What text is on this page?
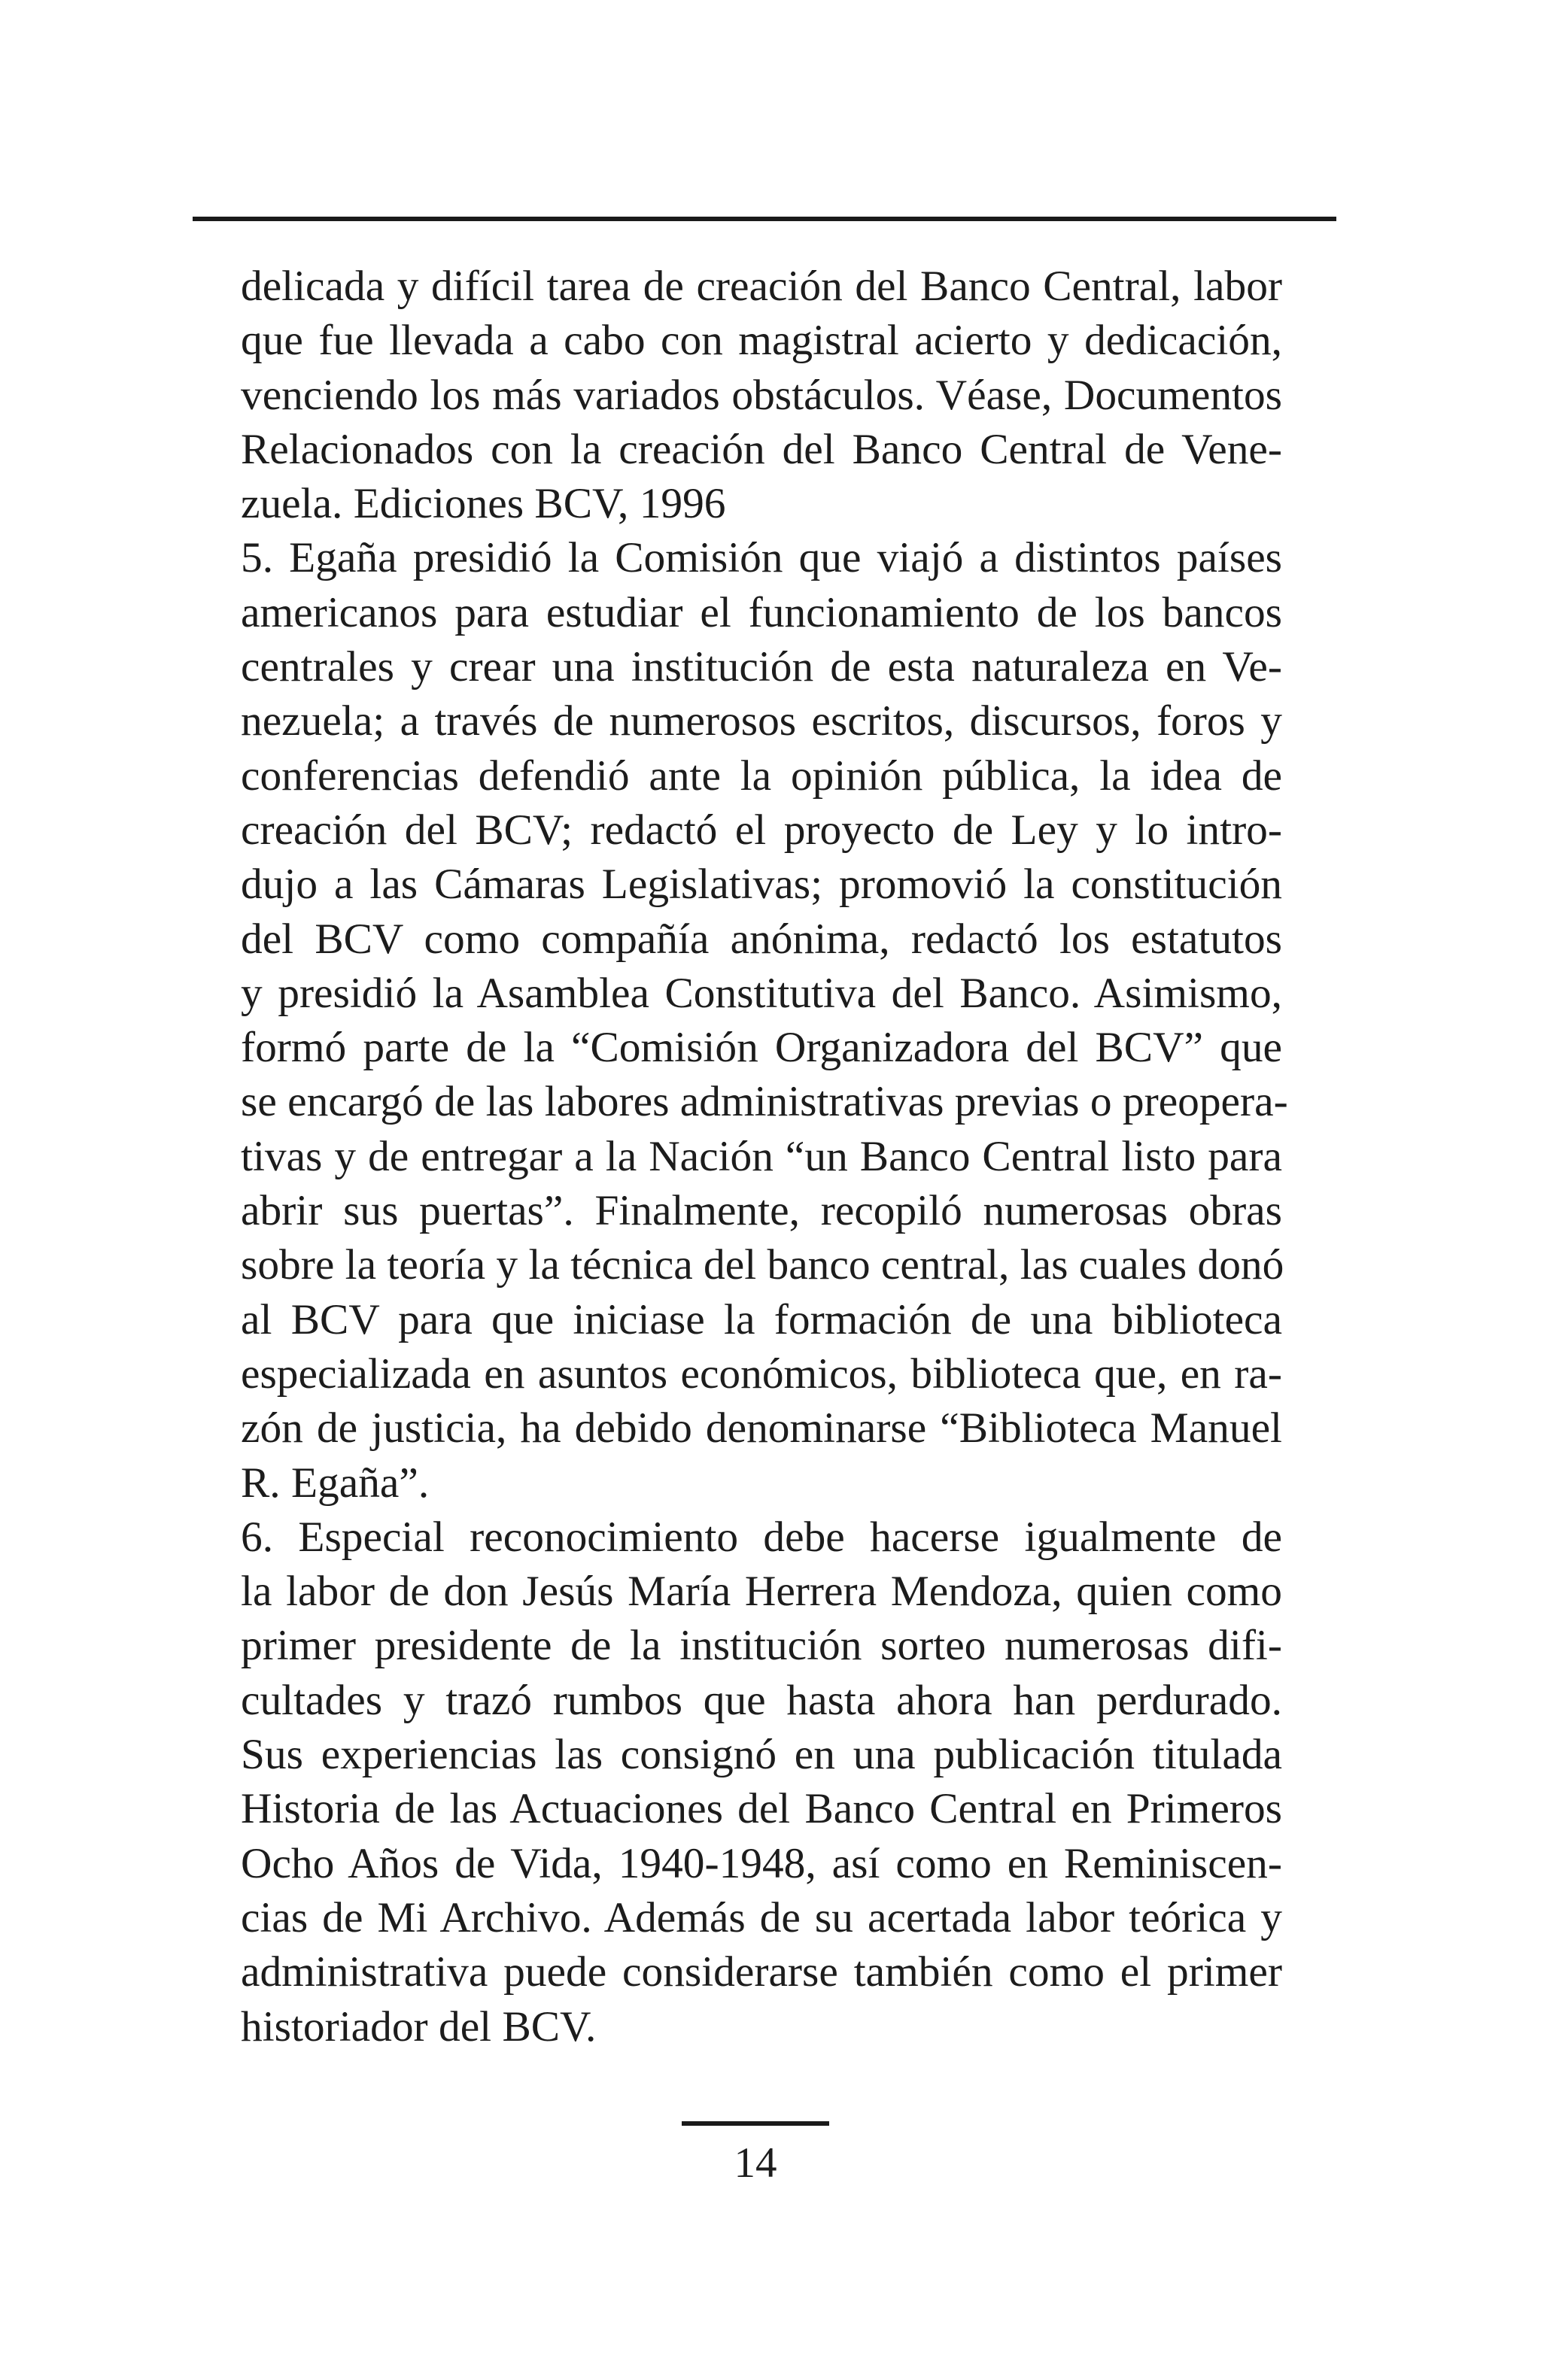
delicada y difícil tarea de creación del Banco Central, labor
que fue llevada a cabo con magistral acierto y dedicación,
venciendo los más variados obstáculos. Véase, Documentos
Relacionados con la creación del Banco Central de Vene-
zuela. Ediciones BCV, 1996
5. Egaña presidió la Comisión que viajó a distintos países
americanos para estudiar el funcionamiento de los bancos
centrales y crear una institución de esta naturaleza en Ve-
nezuela; a través de numerosos escritos, discursos, foros y
conferencias defendió ante la opinión pública, la idea de
creación del BCV; redactó el proyecto de Ley y lo intro-
dujo a las Cámaras Legislativas; promovió la constitución
del BCV como compañía anónima, redactó los estatutos
y presidió la Asamblea Constitutiva del Banco. Asimismo,
formó parte de la “Comisión Organizadora del BCV” que
se encargó de las labores administrativas previas o preopera-
tivas y de entregar a la Nación “un Banco Central listo para
abrir sus puertas”. Finalmente, recopiló numerosas obras
sobre la teoría y la técnica del banco central, las cuales donó
al BCV para que iniciase la formación de una biblioteca
especializada en asuntos económicos, biblioteca que, en ra-
zón de justicia, ha debido denominarse “Biblioteca Manuel
R. Egaña”.
6. Especial reconocimiento debe hacerse igualmente de
la labor de don Jesús María Herrera Mendoza, quien como
primer presidente de la institución sorteo numerosas difi-
cultades y trazó rumbos que hasta ahora han perdurado.
Sus experiencias las consignó en una publicación titulada
Historia de las Actuaciones del Banco Central en Primeros
Ocho Años de Vida, 1940-1948, así como en Reminiscen-
cias de Mi Archivo. Además de su acertada labor teórica y
administrativa puede considerarse también como el primer
historiador del BCV.
14
